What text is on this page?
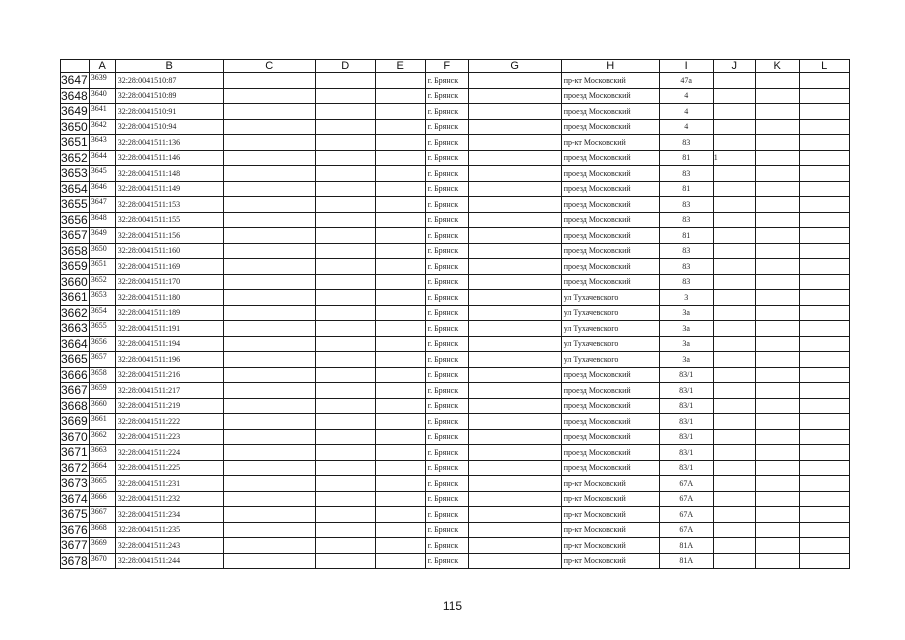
	A	B	C	D	E	F	G	H	I	J	K	L
3647	3639	32:28:0041510:87				г. Брянск		пр-кт Московский	47а			
3648	3640	32:28:0041510:89				г. Брянск		проезд Московский	4			
3649	3641	32:28:0041510:91				г. Брянск		проезд Московский	4			
3650	3642	32:28:0041510:94				г. Брянск		проезд Московский	4			
3651	3643	32:28:0041511:136				г. Брянск		пр-кт Московский	83			
3652	3644	32:28:0041511:146				г. Брянск		проезд Московский	81	1		
3653	3645	32:28:0041511:148				г. Брянск		проезд Московский	83			
3654	3646	32:28:0041511:149				г. Брянск		проезд Московский	81			
3655	3647	32:28:0041511:153				г. Брянск		проезд Московский	83			
3656	3648	32:28:0041511:155				г. Брянск		проезд Московский	83			
3657	3649	32:28:0041511:156				г. Брянск		проезд Московский	81			
3658	3650	32:28:0041511:160				г. Брянск		проезд Московский	83			
3659	3651	32:28:0041511:169				г. Брянск		проезд Московский	83			
3660	3652	32:28:0041511:170				г. Брянск		проезд Московский	83			
3661	3653	32:28:0041511:180				г. Брянск		ул Тухачевского	3			
3662	3654	32:28:0041511:189				г. Брянск		ул Тухачевского	3а			
3663	3655	32:28:0041511:191				г. Брянск		ул Тухачевского	3а			
3664	3656	32:28:0041511:194				г. Брянск		ул Тухачевского	3а			
3665	3657	32:28:0041511:196				г. Брянск		ул Тухачевского	3а			
3666	3658	32:28:0041511:216				г. Брянск		проезд Московский	83/1			
3667	3659	32:28:0041511:217				г. Брянск		проезд Московский	83/1			
3668	3660	32:28:0041511:219				г. Брянск		проезд Московский	83/1			
3669	3661	32:28:0041511:222				г. Брянск		проезд Московский	83/1			
3670	3662	32:28:0041511:223				г. Брянск		проезд Московский	83/1			
3671	3663	32:28:0041511:224				г. Брянск		проезд Московский	83/1			
3672	3664	32:28:0041511:225				г. Брянск		проезд Московский	83/1			
3673	3665	32:28:0041511:231				г. Брянск		пр-кт Московский	67А			
3674	3666	32:28:0041511:232				г. Брянск		пр-кт Московский	67А			
3675	3667	32:28:0041511:234				г. Брянск		пр-кт Московский	67А			
3676	3668	32:28:0041511:235				г. Брянск		пр-кт Московский	67А			
3677	3669	32:28:0041511:243				г. Брянск		пр-кт Московский	81А			
3678	3670	32:28:0041511:244				г. Брянск		пр-кт Московский	81А			
115
